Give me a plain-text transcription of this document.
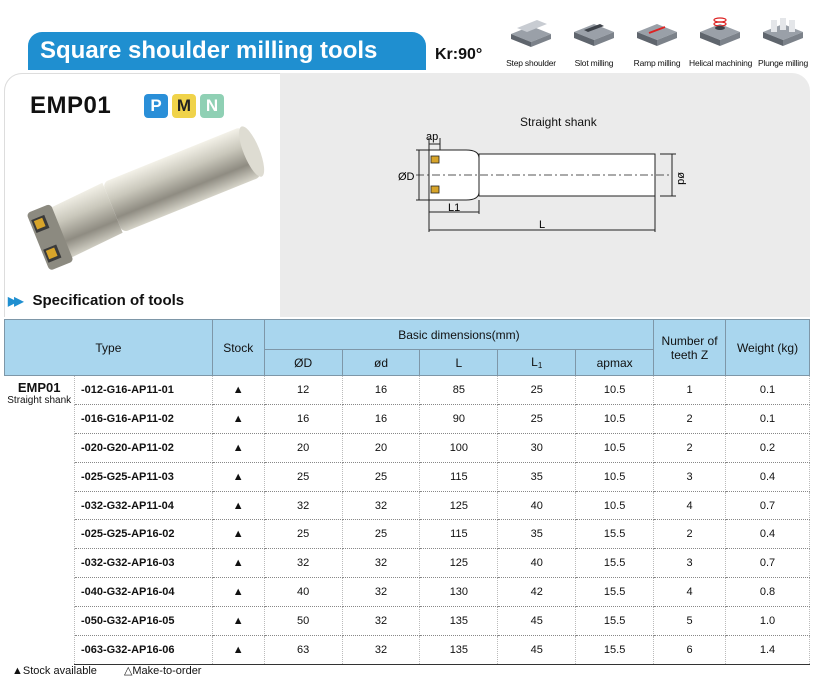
Square shoulder milling tools	Kr:90°	Step shoulder	Slot milling	Ramp milling	Helical machining Plunge milling
EMP01	P M N
Straight shank
ap
ØD	ød
L1
L
▶▶ Specification of tools
Type		Stock	Basic dimensions(mm)					Number of teeth Z	Weight (kg)
			ØD	ød	L	L1	apmax		

EMP01
Straight shank	-012-G16-AP11-01	▲	12	16	85	25	10.5	1	0.1
	-016-G16-AP11-02	▲	16	16	90	25	10.5	2	0.1
	-020-G20-AP11-02	▲	20	20	100	30	10.5	2	0.2
	-025-G25-AP11-03	▲	25	25	115	35	10.5	3	0.4
	-032-G32-AP11-04	▲	32	32	125	40	10.5	4	0.7
	-025-G25-AP16-02	▲	25	25	115	35	15.5	2	0.4
	-032-G32-AP16-03	▲	32	32	125	40	15.5	3	0.7
	-040-G32-AP16-04	▲	40	32	130	42	15.5	4	0.8
	-050-G32-AP16-05	▲	50	32	135	45	15.5	5	1.0
	-063-G32-AP16-06	▲	63	32	135	45	15.5	6	1.4
▲Stock available △Make-to-order
